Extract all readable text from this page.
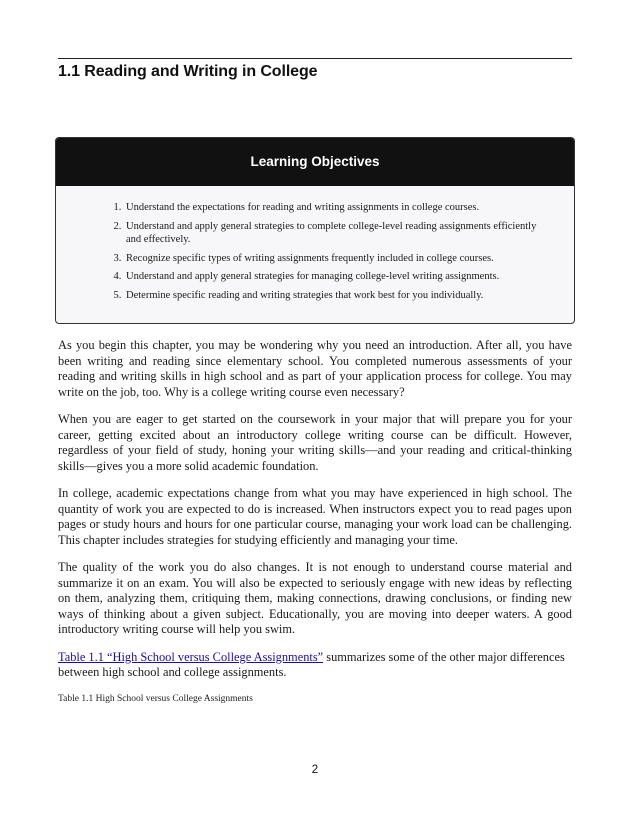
1.1 Reading and Writing in College
Learning Objectives
1. Understand the expectations for reading and writing assignments in college courses.
2. Understand and apply general strategies to complete college-level reading assignments efficiently and effectively.
3. Recognize specific types of writing assignments frequently included in college courses.
4. Understand and apply general strategies for managing college-level writing assignments.
5. Determine specific reading and writing strategies that work best for you individually.

As you begin this chapter, you may be wondering why you need an introduction. After all, you have been writing and reading since elementary school. You completed numerous assessments of your reading and writing skills in high school and as part of your application process for college. You may write on the job, too. Why is a college writing course even necessary?

When you are eager to get started on the coursework in your major that will prepare you for your career, getting excited about an introductory college writing course can be difficult. However, regardless of your field of study, honing your writing skills—and your reading and critical-thinking skills—gives you a more solid academic foundation.

In college, academic expectations change from what you may have experienced in high school. The quantity of work you are expected to do is increased. When instructors expect you to read pages upon pages or study hours and hours for one particular course, managing your work load can be challenging. This chapter includes strategies for studying efficiently and managing your time.

The quality of the work you do also changes. It is not enough to understand course material and summarize it on an exam. You will also be expected to seriously engage with new ideas by reflecting on them, analyzing them, critiquing them, making connections, drawing conclusions, or finding new ways of thinking about a given subject. Educationally, you are moving into deeper waters. A good introductory writing course will help you swim.

Table 1.1 “High School versus College Assignments” summarizes some of the other major differences between high school and college assignments.

Table 1.1 High School versus College Assignments
2
